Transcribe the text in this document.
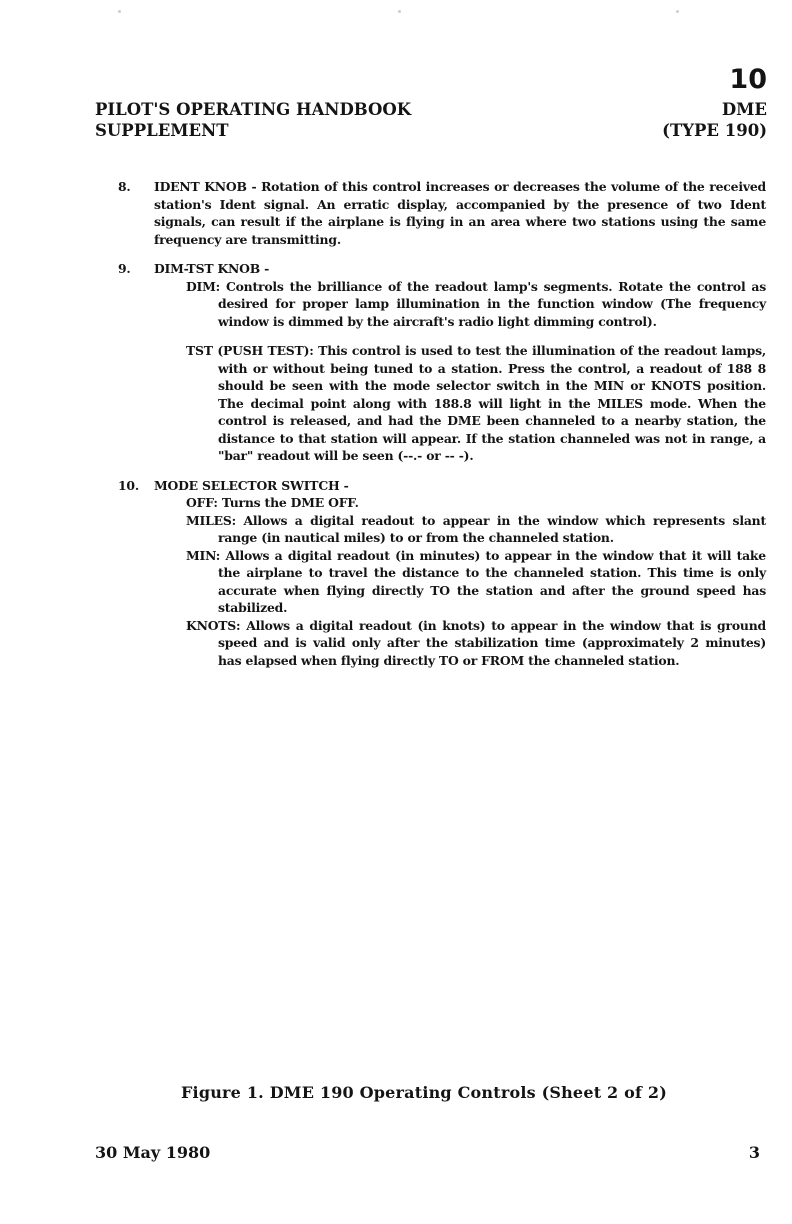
10
PILOT'S OPERATING HANDBOOK
SUPPLEMENT
DME
(TYPE 190)
8.	IDENT KNOB - Rotation of this control increases or decreases the volume of the received station's Ident signal. An erratic display, accompanied by the presence of two Ident signals, can result if the airplane is flying in an area where two stations using the same frequency are transmitting.
9.	DIM-TST KNOB -
DIM: Controls the brilliance of the readout lamp's segments. Rotate the control as desired for proper lamp illumination in the function window (The frequency window is dimmed by the aircraft's radio light dimming control).
TST (PUSH TEST): This control is used to test the illumination of the readout lamps, with or without being tuned to a station. Press the control, a readout of 188 8 should be seen with the mode selector switch in the MIN or KNOTS position. The decimal point along with 188.8 will light in the MILES mode. When the control is released, and had the DME been channeled to a nearby station, the distance to that station will appear. If the station channeled was not in range, a "bar" readout will be seen (--.- or -- -).
10.	MODE SELECTOR SWITCH -
OFF: Turns the DME OFF.
MILES: Allows a digital readout to appear in the window which represents slant range (in nautical miles) to or from the channeled station.
MIN: Allows a digital readout (in minutes) to appear in the window that it will take the airplane to travel the distance to the channeled station. This time is only accurate when flying directly TO the station and after the ground speed has stabilized.
KNOTS: Allows a digital readout (in knots) to appear in the window that is ground speed and is valid only after the stabilization time (approximately 2 minutes) has elapsed when flying directly TO or FROM the channeled station.
Figure 1. DME 190 Operating Controls (Sheet 2 of 2)
30 May 1980	3
